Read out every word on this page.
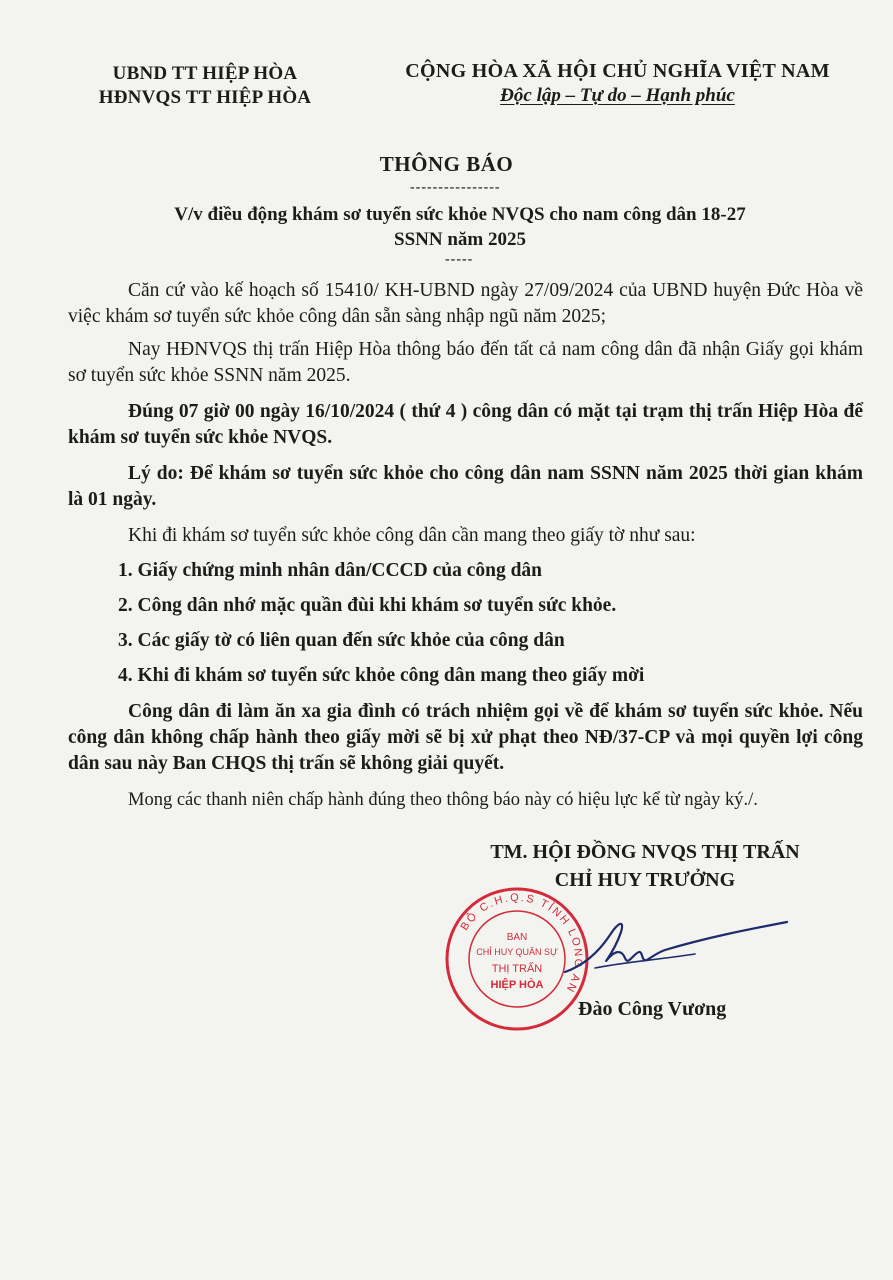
UBND TT HIỆP HÒA
HĐNVQS TT HIỆP HÒA
CỘNG HÒA XÃ HỘI CHỦ NGHĨA VIỆT NAM
Độc lập – Tự do – Hạnh phúc
THÔNG BÁO
----------------
V/v điều động khám sơ tuyển sức khỏe NVQS cho nam công dân 18-27
SSNN năm 2025
-----

Căn cứ vào kế hoạch số 15410/ KH-UBND ngày 27/09/2024 của UBND huyện Đức Hòa về việc khám sơ tuyển sức khỏe công dân sẵn sàng nhập ngũ năm 2025;

Nay HĐNVQS thị trấn Hiệp Hòa thông báo đến tất cả nam công dân đã nhận Giấy gọi khám sơ tuyển sức khỏe SSNN năm 2025.

Đúng 07 giờ 00 ngày 16/10/2024 ( thứ 4 ) công dân có mặt tại trạm thị trấn Hiệp Hòa để khám sơ tuyển sức khỏe NVQS.

Lý do: Để khám sơ tuyển sức khỏe cho công dân nam SSNN năm 2025 thời gian khám là 01 ngày.

Khi đi khám sơ tuyển sức khỏe công dân cần mang theo giấy tờ như sau:

1. Giấy chứng minh nhân dân/CCCD của công dân

2. Công dân nhớ mặc quần đùi khi khám sơ tuyển sức khỏe.

3. Các giấy tờ có liên quan đến sức khỏe của công dân

4. Khi đi khám sơ tuyển sức khỏe công dân mang theo giấy mời

Công dân đi làm ăn xa gia đình có trách nhiệm gọi về để khám sơ tuyển sức khỏe. Nếu công dân không chấp hành theo giấy mời sẽ bị xử phạt theo NĐ/37-CP và mọi quyền lợi công dân sau này Ban CHQS thị trấn sẽ không giải quyết.

Mong các thanh niên chấp hành đúng theo thông báo này có hiệu lực kể từ ngày ký./.

TM. HỘI ĐỒNG NVQS THỊ TRẤN
CHỈ HUY TRƯỞNG
BỘ C.H.Q.S TỈNH LONG AN
BAN
CHỈ HUY QUÂN SỰ
THỊ TRẤN
HIỆP HÒA
Đào Công Vương
